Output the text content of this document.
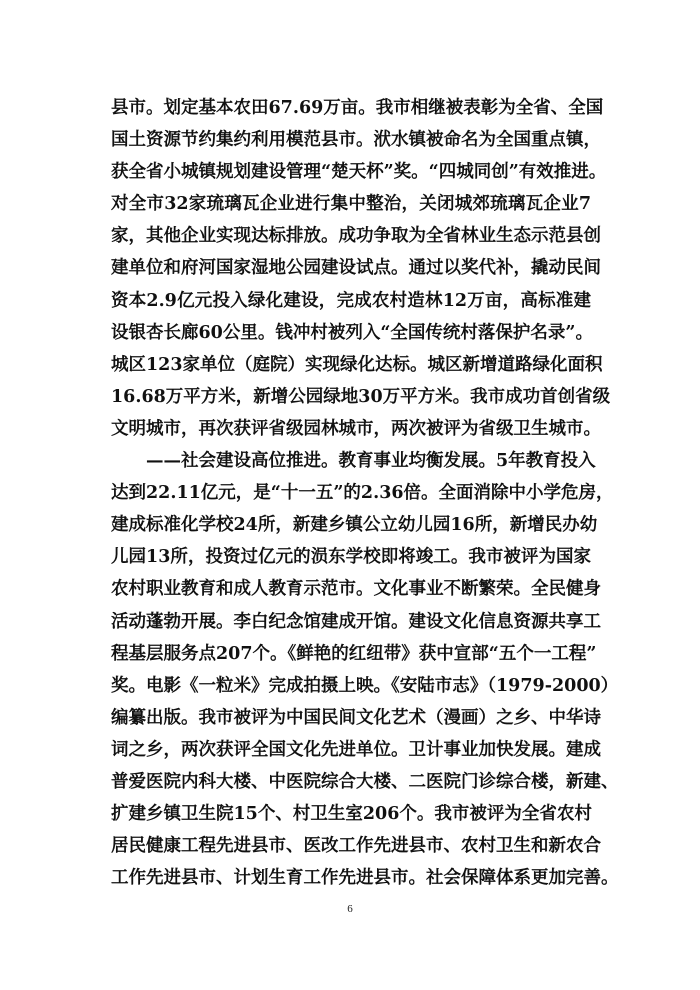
县市。划定基本农田67.69万亩。我市相继被表彰为全省、全国
国土资源节约集约利用模范县市。洑水镇被命名为全国重点镇，
获全省小城镇规划建设管理“楚天杯”奖。“四城同创”有效推进。
对全市32家琉璃瓦企业进行集中整治，关闭城郊琉璃瓦企业7
家，其他企业实现达标排放。成功争取为全省林业生态示范县创
建单位和府河国家湿地公园建设试点。通过以奖代补，撬动民间
资本2.9亿元投入绿化建设，完成农村造林12万亩，高标准建
设银杏长廊60公里。钱冲村被列入“全国传统村落保护名录”。
城区123家单位（庭院）实现绿化达标。城区新增道路绿化面积
16.68万平方米，新增公园绿地30万平方米。我市成功首创省级
文明城市，再次获评省级园林城市，两次被评为省级卫生城市。
——社会建设高位推进。教育事业均衡发展。5年教育投入
达到22.11亿元，是“十一五”的2.36倍。全面消除中小学危房，
建成标准化学校24所，新建乡镇公立幼儿园16所，新增民办幼
儿园13所，投资过亿元的涢东学校即将竣工。我市被评为国家
农村职业教育和成人教育示范市。文化事业不断繁荣。全民健身
活动蓬勃开展。李白纪念馆建成开馆。建设文化信息资源共享工
程基层服务点207个。《鲜艳的红纽带》获中宣部“五个一工程”
奖。电影《一粒米》完成拍摄上映。《安陆市志》（1979-2000）
编纂出版。我市被评为中国民间文化艺术（漫画）之乡、中华诗
词之乡，两次获评全国文化先进单位。卫计事业加快发展。建成
普爱医院内科大楼、中医院综合大楼、二医院门诊综合楼，新建、
扩建乡镇卫生院15个、村卫生室206个。我市被评为全省农村
居民健康工程先进县市、医改工作先进县市、农村卫生和新农合
工作先进县市、计划生育工作先进县市。社会保障体系更加完善。
6
